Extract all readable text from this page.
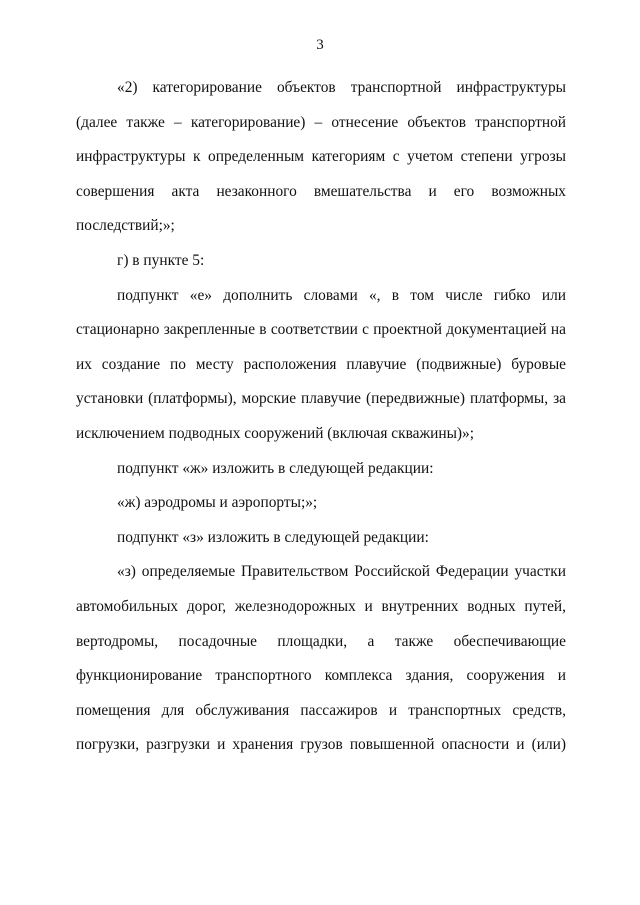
3

«2) категорирование объектов транспортной инфраструктуры (далее также – категорирование) – отнесение объектов транспортной инфраструктуры к определенным категориям с учетом степени угрозы совершения акта незаконного вмешательства и его возможных последствий;»;

г) в пункте 5:

подпункт «е» дополнить словами «, в том числе гибко или стационарно закрепленные в соответствии с проектной документацией на их создание по месту расположения плавучие (подвижные) буровые установки (платформы), морские плавучие (передвижные) платформы, за исключением подводных сооружений (включая скважины)»;

подпункт «ж» изложить в следующей редакции:

«ж) аэродромы и аэропорты;»;

подпункт «з» изложить в следующей редакции:

«з) определяемые Правительством Российской Федерации участки автомобильных дорог, железнодорожных и внутренних водных путей, вертодромы, посадочные площадки, а также обеспечивающие функционирование транспортного комплекса здания, сооружения и помещения для обслуживания пассажиров и транспортных средств, погрузки, разгрузки и хранения грузов повышенной опасности и (или)
